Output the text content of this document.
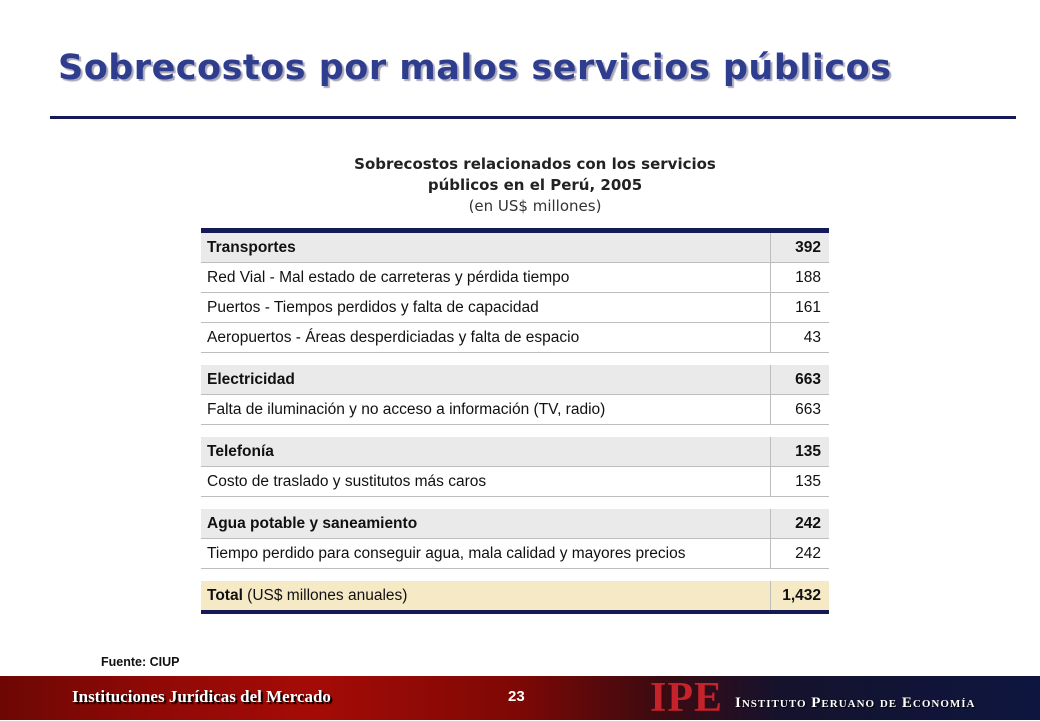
Sobrecostos por malos servicios públicos
Sobrecostos relacionados con los servicios
públicos en el Perú, 2005
(en US$ millones)
Transportes	392
Red Vial - Mal estado de carreteras y pérdida tiempo	188
Puertos - Tiempos perdidos y falta de capacidad	161
Aeropuertos - Áreas desperdiciadas y falta de espacio	43
Electricidad	663
Falta de iluminación y no acceso a información (TV, radio)	663
Telefonía	135
Costo de traslado y sustitutos más caros	135
Agua potable y saneamiento	242
Tiempo perdido para conseguir agua, mala calidad y mayores precios	242
Total (US$ millones anuales)	1,432
Fuente: CIUP
Instituciones Jurídicas del Mercado	23	IPE Instituto Peruano de Economía
